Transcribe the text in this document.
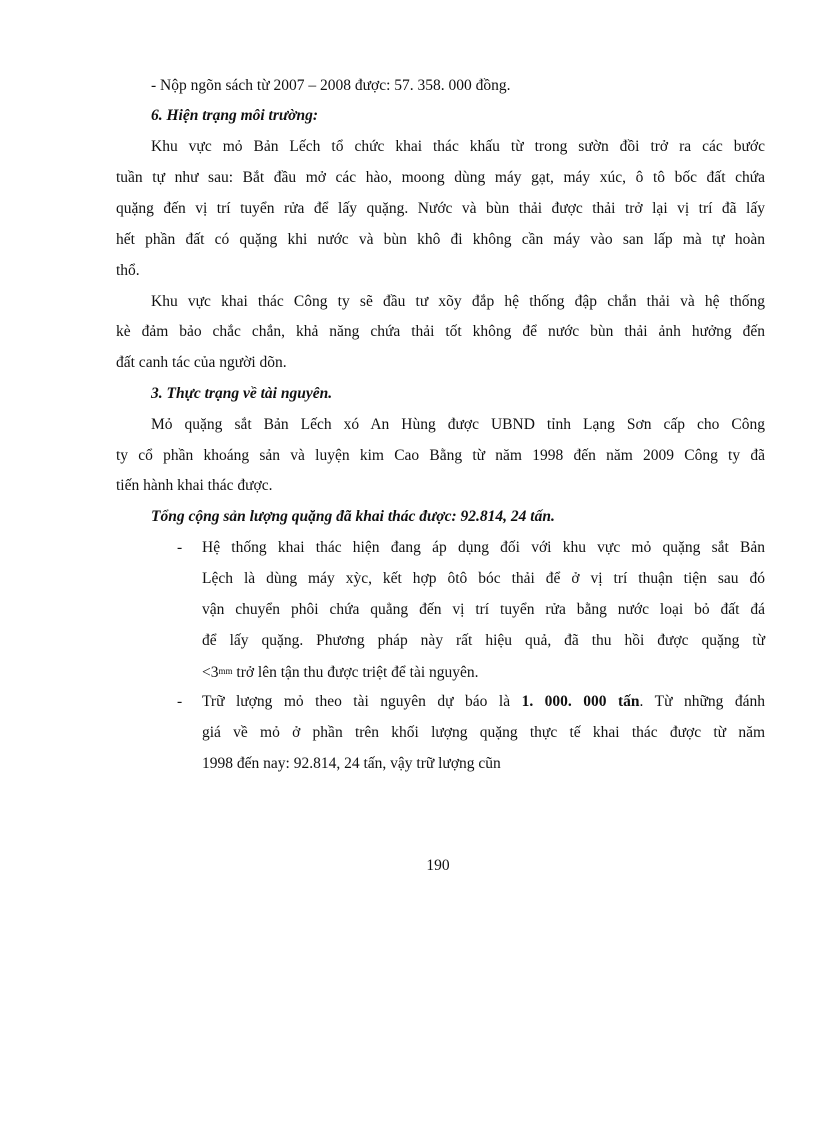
- Nộp ngõn sách từ 2007 – 2008 được: 57. 358. 000 đồng.
6. Hiện trạng môi trường:
Khu vực mỏ Bản Lếch tổ chức khai thác khấu từ trong sườn đồi trở ra các bước
tuần tự như sau: Bắt đầu mở các hào, moong dùng máy gạt, máy xúc, ô tô bốc đất chứa
quặng đến vị trí tuyển rửa để lấy quặng. Nước và bùn thải được thải trở lại vị trí đã lấy
hết phần đất có quặng khi nước và bùn khô đi không cần máy vào san lấp mà tự hoàn
thổ.
Khu vực khai thác Công ty sẽ đầu tư xõy đắp hệ thống đập chắn thải và hệ thống
kè đảm bảo chắc chắn, khả năng chứa thải tốt không để nước bùn thải ảnh hưởng đến
đất canh tác của người dõn.
3. Thực trạng về tài nguyên.
Mỏ quặng sắt Bản Lếch xó An Hùng được UBND tỉnh Lạng Sơn cấp cho Công
ty cổ phần khoáng sản và luyện kim Cao Bằng từ năm 1998 đến năm 2009 Công ty đã
tiến hành khai thác được.
Tổng cộng sản lượng quặng đã khai thác được: 92.814, 24 tấn.
- Hệ thống khai thác hiện đang áp dụng đối với khu vực mỏ quặng sắt Bản
Lệch là dùng máy xỳc, kết hợp ôtô bóc thải để ở vị trí thuận tiện sau đó
vận chuyển phôi chứa quẳng đến vị trí tuyển rửa bằng nước loại bỏ đất đá
để lấy quặng. Phương pháp này rất hiệu quả, đã thu hồi được quặng từ
$<3^{mm}$ trở lên tận thu được triệt để tài nguyên.
- Trữ lượng mỏ theo tài nguyên dự báo là 1. 000. 000 tấn. Từ những đánh
giá về mỏ ở phần trên khối lượng quặng thực tế khai thác được từ năm
1998 đến nay: 92.814, 24 tấn, vậy trữ lượng cũn
190
